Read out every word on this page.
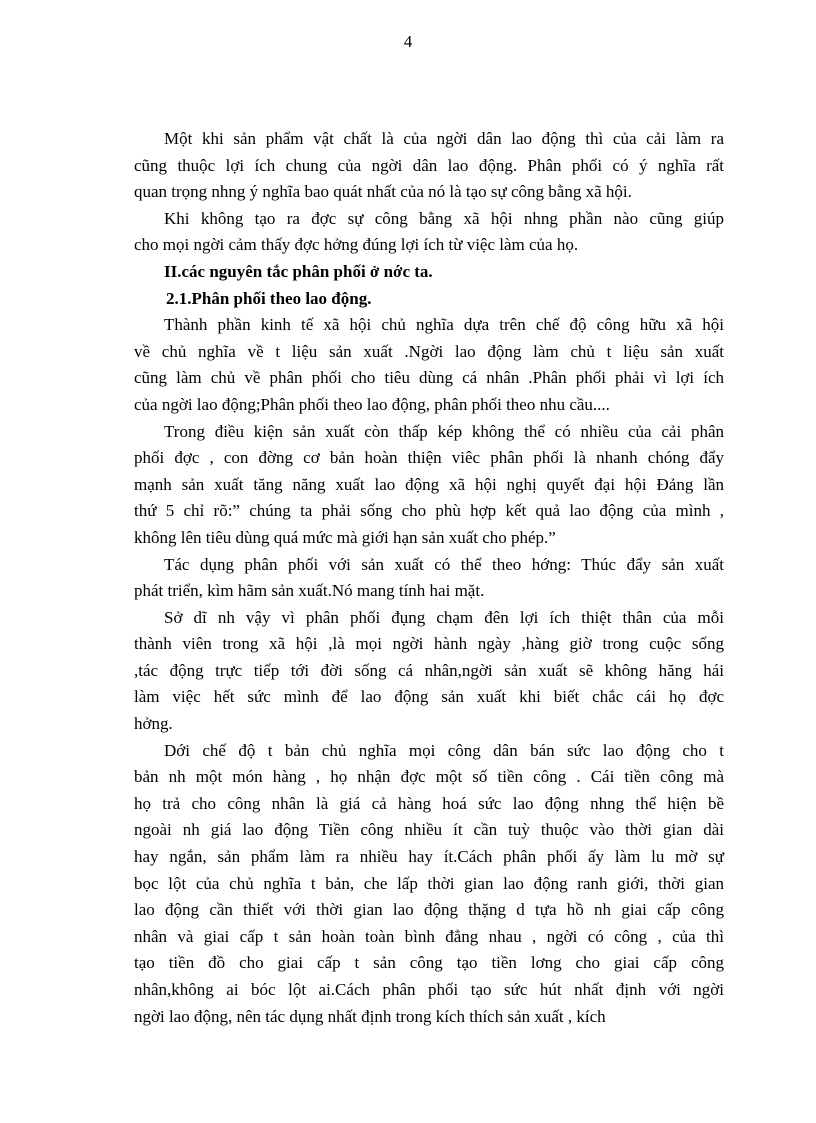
4
Một khi sản phẩm vật chất là của ngời dân lao động thì của cải làm ra
cũng thuộc lợi ích chung của ngời dân lao động. Phân phối có ý nghĩa rất
quan trọng nhng ý nghĩa bao quát nhất của nó là tạo sự công bằng xã hội.
Khi không tạo ra đợc sự công bằng xã hội nhng phần nào cũng giúp
cho mọi ngời cảm thấy đợc hởng đúng lợi ích từ việc làm của họ.
II.các nguyên tắc phân phối ở nớc ta.
2.1.Phân phối theo lao động.
Thành phần kinh tế xã hội chủ nghĩa dựa trên chế độ công hữu xã hội
về chủ nghĩa về t liệu sản xuất .Ngời lao động làm chủ t liệu sản xuất
cũng làm chủ về phân phối cho tiêu dùng cá nhân .Phân phối phải vì lợi ích
của ngời lao động;Phân phối theo lao động, phân phối theo nhu cầu....
Trong điều kiện sản xuất còn thấp kép không thể có nhiều của cải phân
phối đợc , con đờng cơ bản hoàn thiện viêc phân phối là nhanh chóng đẩy
mạnh sản xuất tăng năng xuất lao động xã hội nghị quyết đại hội Đảng lần
thứ 5 chỉ rõ:” chúng ta phải sống cho phù hợp kết quả lao động của mình ,
không lên tiêu dùng quá mức mà giới hạn sản xuất cho phép.”
Tác dụng phân phối với sản xuất có thể theo hớng: Thúc đẩy sản xuất
phát triển, kìm hãm sản xuất.Nó mang tính hai mặt.
Sở dĩ nh vậy vì phân phối đụng chạm đên lợi ích thiệt thân của mỗi
thành viên trong xã hội ,là mọi ngời hành ngày ,hàng giờ trong cuộc sống
,tác động trực tiếp tới đời sống cá nhân,ngời sản xuất sẽ không hăng hái
làm việc hết sức mình để lao động sản xuất khi biết chắc cái họ đợc
hởng.
Dới chế độ t bản chủ nghĩa mọi công dân bán sức lao động cho t
bản nh một món hàng , họ nhận đợc một số tiền công . Cái tiền công mà
họ trả cho công nhân là giá cả hàng hoá sức lao động nhng thể hiện bề
ngoài nh giá lao động Tiền công nhiều ít cần tuỳ thuộc vào thời gian dài
hay ngắn, sản phẩm làm ra nhiều hay ít.Cách phân phối ấy làm lu mờ sự
bọc lột của chủ nghĩa t bản, che lấp thời gian lao động ranh giới, thời gian
lao động cần thiết với thời gian lao động thặng d tựa hồ nh giai cấp công
nhân và giai cấp t sản hoàn toàn bình đẳng nhau , ngời có công , của thì
tạo tiền đồ cho giai cấp t sản công tạo tiền lơng cho giai cấp công
nhân,không ai bóc lột ai.Cách phân phối tạo sức hút nhất định với ngời
ngời lao động, nên tác dụng nhất định trong kích thích sản xuất , kích
